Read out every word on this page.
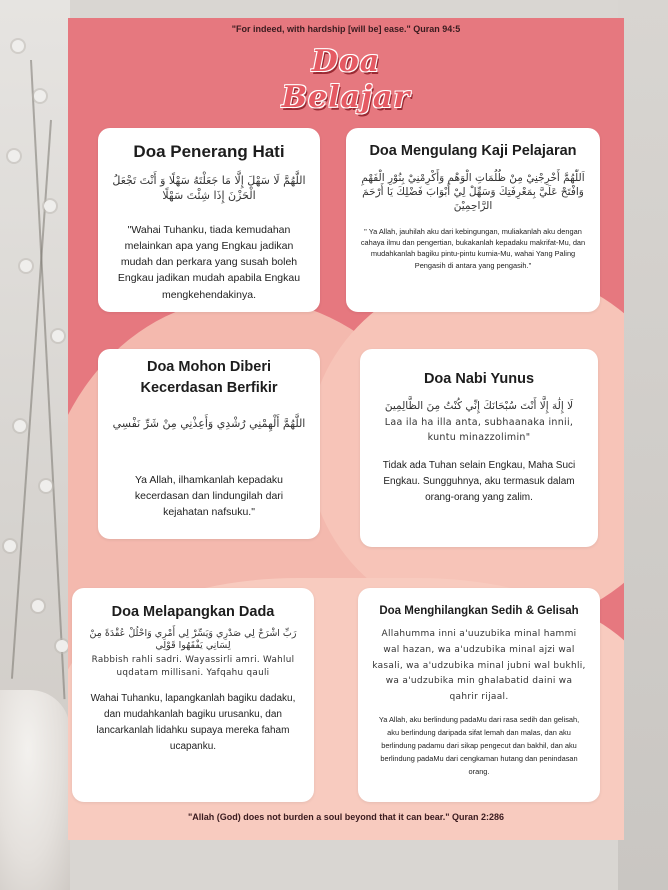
"For indeed, with hardship [will be] ease." Quran 94:5
Doa
Belajar
Doa Penerang Hati
اللَّهُمَّ لَا سَهْلَ إِلَّا مَا جَعَلْتَهُ سَهْلًا وَ أَنْتَ تَجْعَلُ الْحَزْنَ إِذَا شِئْتَ سَهْلًا
"Wahai Tuhanku, tiada kemudahan melainkan apa yang Engkau jadikan mudah dan perkara yang susah boleh Engkau jadikan mudah apabila Engkau mengkehendakinya.
Doa Mengulang Kaji Pelajaran
اَللّٰهُمَّ أَخْرِجْنِيْ مِنْ ظُلُمَاتِ الْوَهْمِ وَأَكْرِمْنِيْ بِنُوْرِ الْفَهْمِ وَافْتَحْ عَلَيَّ بِمَعْرِفَتِكَ وَسَهِّلْ لِيْ أَبْوَابَ فَضْلِكَ يَا أَرْحَمَ الرَّاحِمِيْنَ
" Ya Allah, jauhilah aku dari kebingungan, muliakanlah aku dengan cahaya ilmu dan pengertian, bukakanlah kepadaku makrifat-Mu, dan mudahkanlah bagiku pintu-pintu kurnia-Mu, wahai Yang Paling Pengasih di antara yang pengasih."
Doa Mohon Diberi Kecerdasan Berfikir
اللَّهُمَّ أَلْهِمْنِي رُشْدِي وَأَعِذْنِي مِنْ شَرِّ نَفْسِي
Ya Allah, ilhamkanlah kepadaku kecerdasan dan lindungilah dari kejahatan nafsuku."
Doa Nabi Yunus
لَا إِلَٰهَ إِلَّا أَنْتَ سُبْحَانَكَ إِنِّي كُنْتُ مِنَ الظَّالِمِينَ
Laa ila ha illa anta, subhaanaka innii, kuntu minazzolimin"
Tidak ada Tuhan selain Engkau, Maha Suci Engkau. Sungguhnya, aku termasuk dalam orang-orang yang zalim.
Doa Melapangkan Dada
رَبِّ اشْرَحْ لِي صَدْرِي وَيَسِّرْ لِي أَمْرِي وَاحْلُلْ عُقْدَةً مِنْ لِسَانِي يَفْقَهُوا قَوْلِي
Rabbish rahli sadri. Wayassirli amri. Wahlul uqdatam millisani. Yafqahu qauli
Wahai Tuhanku, lapangkanlah bagiku dadaku, dan mudahkanlah bagiku urusanku, dan lancarkanlah lidahku supaya mereka faham ucapanku.
Doa Menghilangkan Sedih & Gelisah
Allahumma inni a'uuzubika minal hammi wal hazan, wa a'udzubika minal ajzi wal kasali, wa a'udzubika minal jubni wal bukhli, wa a'udzubika min ghalabatid daini wa qahrir rijaal.
Ya Allah, aku berlindung padaMu dari rasa sedih dan gelisah, aku berlindung daripada sifat lemah dan malas, dan aku berlindung padamu dari sikap pengecut dan bakhil, dan aku berlindung padaMu dari cengkaman hutang dan penindasan orang.
"Allah (God) does not burden a soul beyond that it can bear." Quran 2:286
